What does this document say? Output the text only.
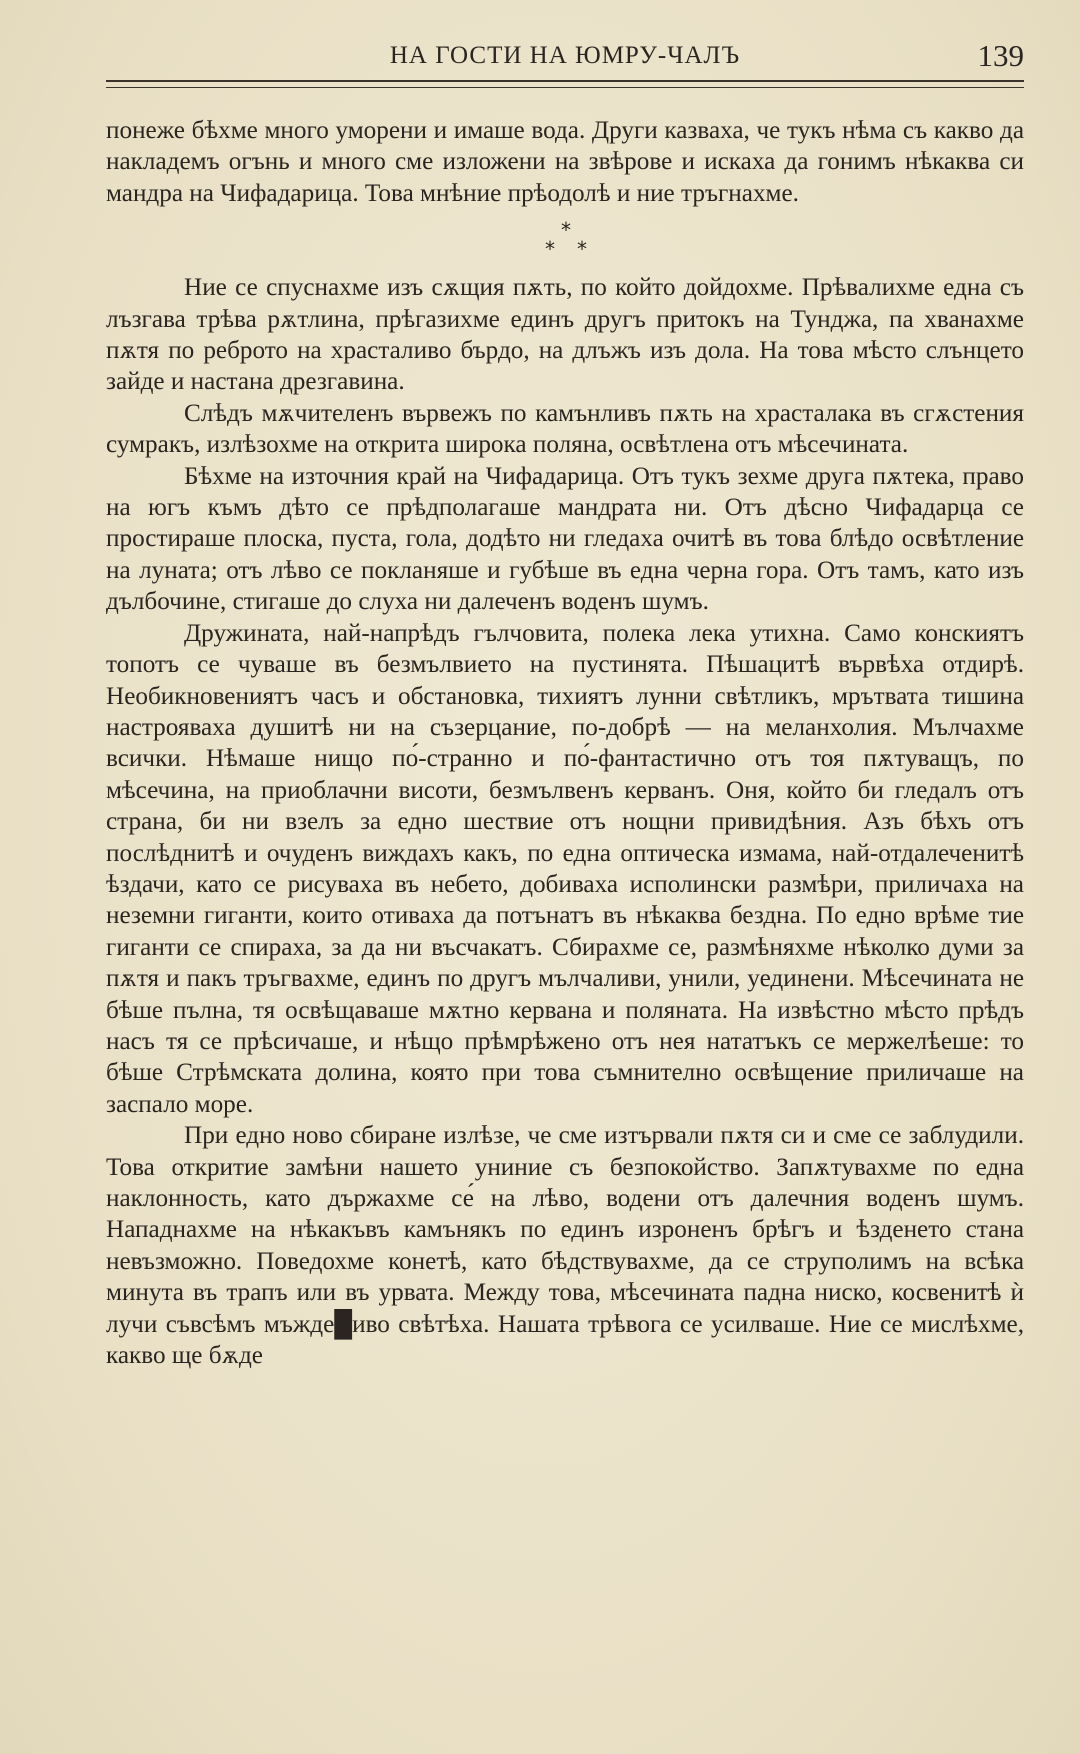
НА ГОСТИ НА ЮМРУ-ЧАЛЪ	139

понеже бѣхме много уморени и имаше вода. Други казваха, че тукъ нѣма съ какво да накладемъ огънь и много сме изложени на звѣрове и искаха да гонимъ нѣкаква си мандра на Чифадарица. Това мнѣние прѣодолѣ и ние тръгнахме.

*
* *

Ние се спуснахме изъ сѫщия пѫть, по който дойдохме. Прѣвалихме една съ лъзгава трѣва рѫтлина, прѣгазихме единъ другъ притокъ на Тунджа, па хванахме пѫтя по реброто на храсталиво бърдо, на длъжъ изъ дола. На това мѣсто слънцето зайде и настана дрезгавина.

Слѣдъ мѫчителенъ вървежъ по камънливъ пѫть на храсталака въ сгѫстения сумракъ, излѣзохме на открита широка поляна, освѣтлена отъ мѣсечината.

Бѣхме на източния край на Чифадарица. Отъ тукъ зехме друга пѫтека, право на югъ къмъ дѣто се прѣдполагаше мандрата ни. Отъ дѣсно Чифадарца се простираше плоска, пуста, гола, додѣто ни гледаха очитѣ въ това блѣдо освѣтление на луната; отъ лѣво се покланяше и губѣше въ една черна гора. Отъ тамъ, като изъ дълбочине, стигаше до слуха ни далеченъ воденъ шумъ.

Дружината, най-напрѣдъ гълчовита, полека лека утихна. Само конскиятъ топотъ се чуваше въ безмълвието на пустинята. Пѣшацитѣ вървѣха отдирѣ. Необикновениятъ часъ и обстановка, тихиятъ лунни свѣтликъ, мрътвата тишина настрояваха душитѣ ни на съзерцание, по-добрѣ — на меланхолия. Мълчахме всички. Нѣмаше нищо по́-странно и по́-фантастично отъ тоя пѫтуващъ, по мѣсечина, на приоблачни висоти, безмълвенъ керванъ. Оня, който би гледалъ отъ страна, би ни взелъ за едно шествие отъ нощни привидѣния. Азъ бѣхъ отъ послѣднитѣ и очуденъ виждахъ какъ, по една оптическа измама, най-отдалеченитѣ ѣздачи, като се рисуваха въ небето, добиваха исполински размѣри, приличаха на неземни гиганти, които отиваха да потънатъ въ нѣкаква бездна. По едно врѣме тие гиганти се спираха, за да ни въсчакатъ. Сбирахме се, размѣняхме нѣколко думи за пѫтя и пакъ тръгвахме, единъ по другъ мълчаливи, унили, уединени. Мѣсечината не бѣше пълна, тя освѣщаваше мѫтно кервана и поляната. На извѣстно мѣсто прѣдъ насъ тя се прѣсичаше, и нѣщо прѣмрѣжено отъ нея нататъкъ се мержелѣеше: то бѣше Стрѣмската долина, която при това съмнително освѣщение приличаше на заспало море.

При едно ново сбиране излѣзе, че сме изтървали пѫтя си и сме се заблудили. Това откритие замѣни нашето униние съ безпокойство. Запѫтувахме по една наклонность, като държахме се́ на лѣво, водени отъ далечния воденъ шумъ. Нападнахме на нѣкакъвъ камънякъ по единъ изроненъ брѣгъ и ѣзденето стана невъзможно. Поведохме конетѣ, като бѣдствувахме, да се струполимъ на всѣка минута въ трапъ или въ урвата. Между това, мѣсечината падна ниско, косвенитѣ ѝ лучи съвсѣмъ мъжде█иво свѣтѣха. Нашата трѣвога се усилваше. Ние се мислѣхме, какво ще бѫде
